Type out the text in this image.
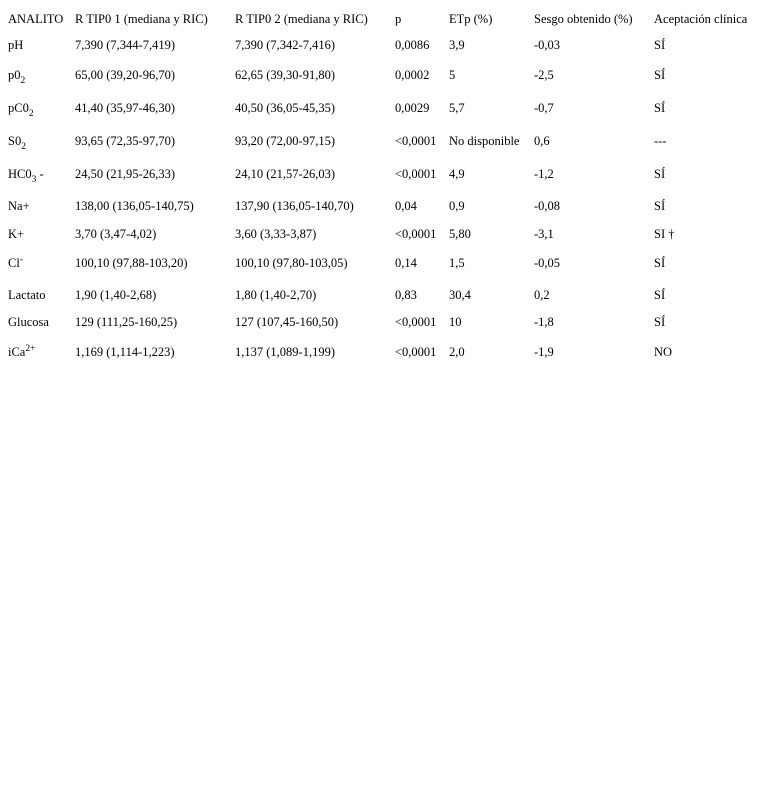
ANALITO	R TIP0 1 (mediana y RIC)	R TIP0 2 (mediana y RIC)	p	ETp (%)	Sesgo obtenido (%)	Aceptación clínica
pH	7,390 (7,344-7,419)	7,390 (7,342-7,416)	0,0086	3,9	-0,03	SÍ
$p0_2$	65,00 (39,20-96,70)	62,65 (39,30-91,80)	0,0002	5	-2,5	SÍ
$pC0_2$	41,40 (35,97-46,30)	40,50 (36,05-45,35)	0,0029	5,7	-0,7	SÍ
$S0_2$	93,65 (72,35-97,70)	93,20 (72,00-97,15)	<0,0001	No disponible	0,6	---
$HC0_3$ -	24,50 (21,95-26,33)	24,10 (21,57-26,03)	<0,0001	4,9	-1,2	SÍ
Na+	138,00 (136,05-140,75)	137,90 (136,05-140,70)	0,04	0,9	-0,08	SÍ
K+	3,70 (3,47-4,02)	3,60 (3,33-3,87)	<0,0001	5,80	-3,1	SI †
Cl-	100,10 (97,88-103,20)	100,10 (97,80-103,05)	0,14	1,5	-0,05	SÍ
Lactato	1,90 (1,40-2,68)	1,80 (1,40-2,70)	0,83	30,4	0,2	SÍ
Glucosa	129 (111,25-160,25)	127 (107,45-160,50)	<0,0001	10	-1,8	SÍ
iCa$^{2+}$	1,169 (1,114-1,223)	1,137 (1,089-1,199)	<0,0001	2,0	-1,9	NO
